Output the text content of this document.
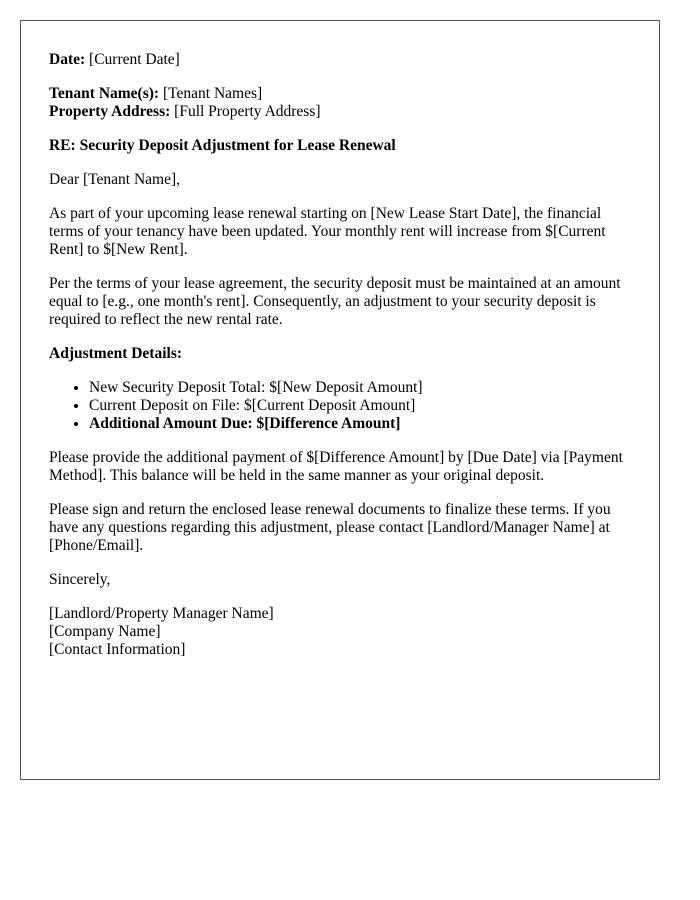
Date: [Current Date]

Tenant Name(s): [Tenant Names]
Property Address: [Full Property Address]

RE: Security Deposit Adjustment for Lease Renewal

Dear [Tenant Name],

As part of your upcoming lease renewal starting on [New Lease Start Date], the financial terms of your tenancy have been updated. Your monthly rent will increase from $[Current Rent] to $[New Rent].

Per the terms of your lease agreement, the security deposit must be maintained at an amount equal to [e.g., one month's rent]. Consequently, an adjustment to your security deposit is required to reflect the new rental rate.

Adjustment Details:

• New Security Deposit Total: $[New Deposit Amount]
• Current Deposit on File: $[Current Deposit Amount]
• Additional Amount Due: $[Difference Amount]

Please provide the additional payment of $[Difference Amount] by [Due Date] via [Payment Method]. This balance will be held in the same manner as your original deposit.

Please sign and return the enclosed lease renewal documents to finalize these terms. If you have any questions regarding this adjustment, please contact [Landlord/Manager Name] at [Phone/Email].

Sincerely,

[Landlord/Property Manager Name]
[Company Name]
[Contact Information]
